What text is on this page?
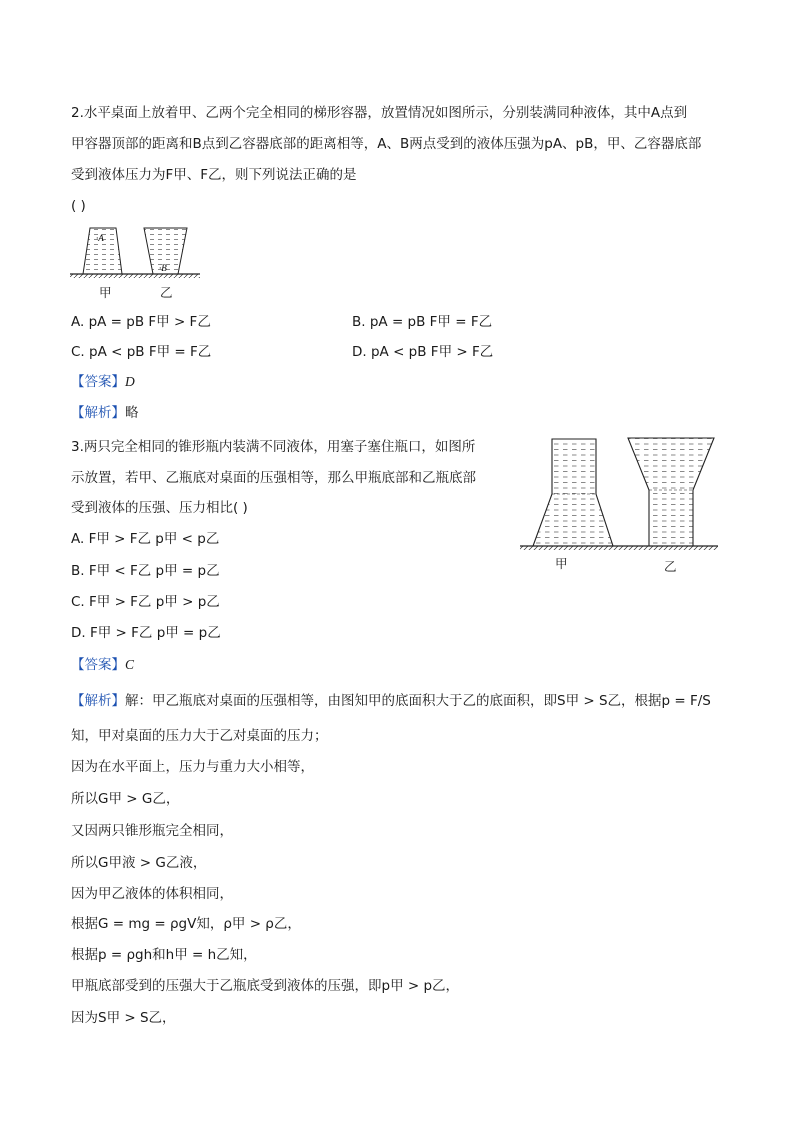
2.水平桌面上放着甲、乙两个完全相同的梯形容器，放置情况如图所示，分别装满同种液体，其中A点到
甲容器顶部的距离和B点到乙容器底部的距离相等，A、B两点受到的液体压强为pA、pB，甲、乙容器底部
受到液体压力为F甲、F乙，则下列说法正确的是
( )
·A
·B
甲	乙
A. pA = pB F甲 > F乙	B. pA = pB F甲 = F乙
C. pA < pB F甲 = F乙	D. pA < pB F甲 > F乙
【答案】D
【解析】略
3.两只完全相同的锥形瓶内装满不同液体，用塞子塞住瓶口，如图所
示放置，若甲、乙瓶底对桌面的压强相等，那么甲瓶底部和乙瓶底部
受到液体的压强、压力相比( )
A. F甲 > F乙 p甲 < p乙
B. F甲 < F乙 p甲 = p乙
C. F甲 > F乙 p甲 > p乙
D. F甲 > F乙 p甲 = p乙
甲	乙
【答案】C
【解析】解：甲乙瓶底对桌面的压强相等，由图知甲的底面积大于乙的底面积，即S甲 > S乙，根据p = F/S
知，甲对桌面的压力大于乙对桌面的压力；
因为在水平面上，压力与重力大小相等，
所以G甲 > G乙，
又因两只锥形瓶完全相同，
所以G甲液 > G乙液，
因为甲乙液体的体积相同，
根据G = mg = ρgV知，ρ甲 > ρ乙，
根据p = ρgh和h甲 = h乙知，
甲瓶底部受到的压强大于乙瓶底受到液体的压强，即p甲 > p乙，
因为S甲 > S乙，
